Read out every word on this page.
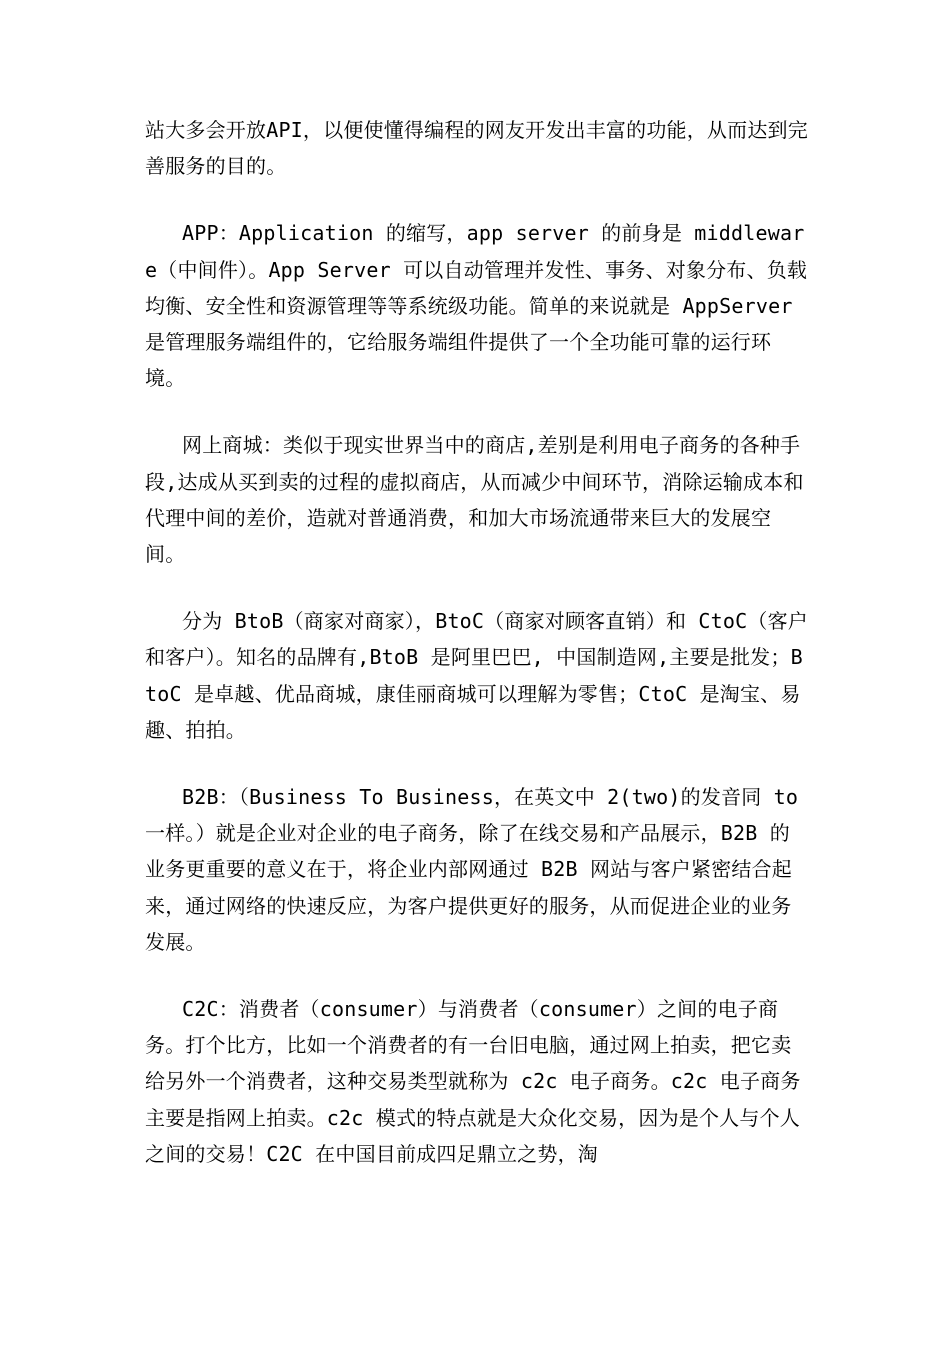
站大多会开放API，以便使懂得编程的网友开发出丰富的功能，从而达到完善服务的目的。

APP：Application 的缩写，app server 的前身是 middleware（中间件）。App Server 可以自动管理并发性、事务、对象分布、负载均衡、安全性和资源管理等等系统级功能。简单的来说就是 AppServer 是管理服务端组件的，它给服务端组件提供了一个全功能可靠的运行环境。

网上商城：类似于现实世界当中的商店,差别是利用电子商务的各种手段,达成从买到卖的过程的虚拟商店，从而减少中间环节，消除运输成本和代理中间的差价，造就对普通消费，和加大市场流通带来巨大的发展空间。

分为 BtoB（商家对商家），BtoC（商家对顾客直销）和 CtoC（客户和客户）。知名的品牌有,BtoB 是阿里巴巴, 中国制造网,主要是批发；BtoC 是卓越、优品商城，康佳丽商城可以理解为零售；CtoC 是淘宝、易趣、拍拍。

B2B：（Business To Business，在英文中 2(two)的发音同 to 一样。）就是企业对企业的电子商务，除了在线交易和产品展示，B2B 的业务更重要的意义在于，将企业内部网通过 B2B 网站与客户紧密结合起来，通过网络的快速反应，为客户提供更好的服务，从而促进企业的业务发展。

C2C：消费者（consumer）与消费者（consumer）之间的电子商务。打个比方，比如一个消费者的有一台旧电脑，通过网上拍卖，把它卖给另外一个消费者，这种交易类型就称为 c2c 电子商务。c2c 电子商务主要是指网上拍卖。c2c 模式的特点就是大众化交易，因为是个人与个人之间的交易！C2C 在中国目前成四足鼎立之势，淘
